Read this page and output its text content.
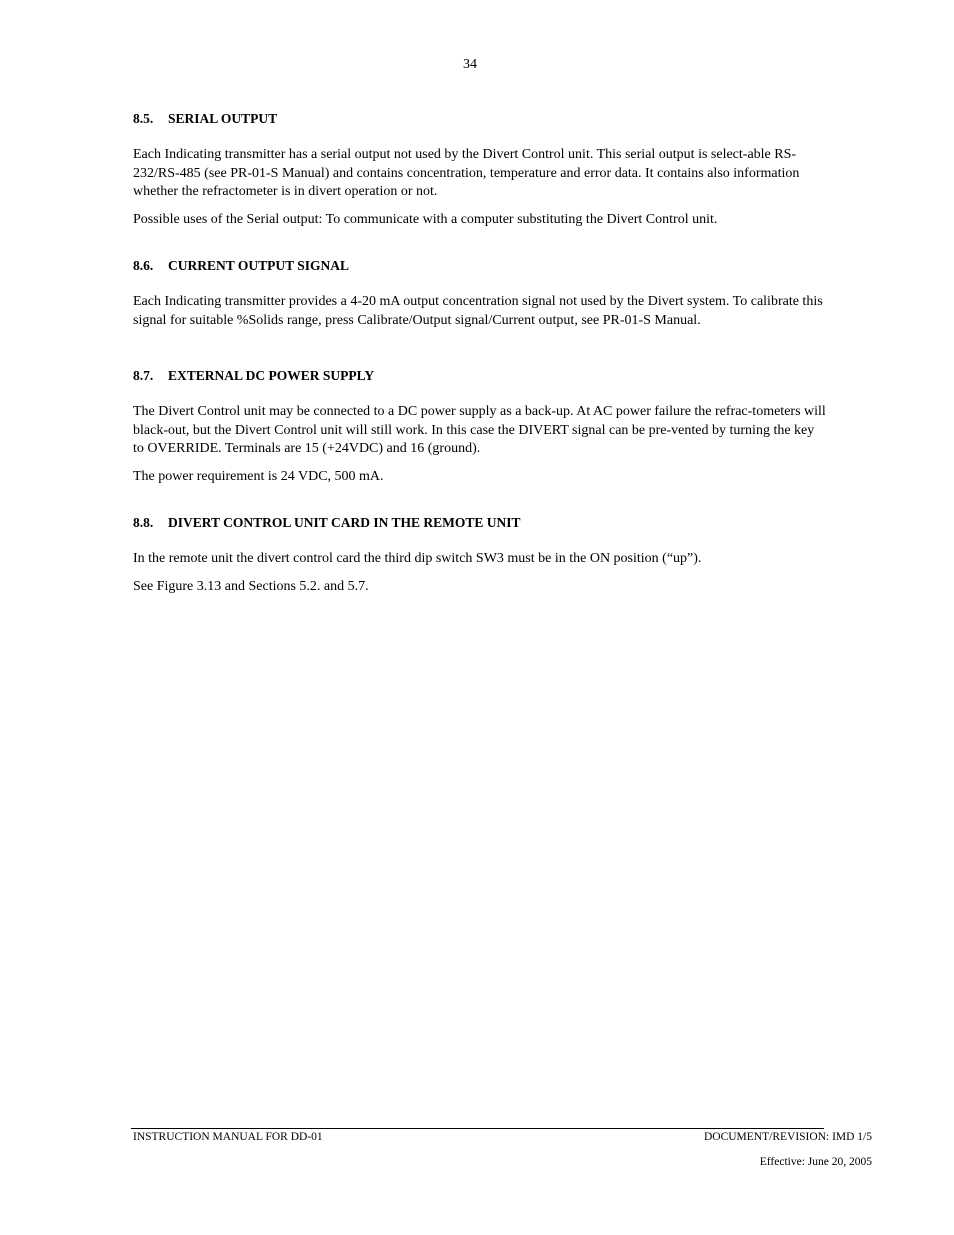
34
8.5. SERIAL OUTPUT

Each Indicating transmitter has a serial output not used by the Divert Control unit. This serial output is select-able RS-232/RS-485 (see PR-01-S Manual) and contains concentration, temperature and error data. It contains also information whether the refractometer is in divert operation or not.

Possible uses of the Serial output: To communicate with a computer substituting the Divert Control unit.

8.6. CURRENT OUTPUT SIGNAL

Each Indicating transmitter provides a 4-20 mA output concentration signal not used by the Divert system. To calibrate this signal for suitable %Solids range, press Calibrate/Output signal/Current output, see PR-01-S Manual.

8.7. EXTERNAL DC POWER SUPPLY

The Divert Control unit may be connected to a DC power supply as a back-up. At AC power failure the refrac-tometers will black-out, but the Divert Control unit will still work. In this case the DIVERT signal can be pre-vented by turning the key to OVERRIDE. Terminals are 15 (+24VDC) and 16 (ground).

The power requirement is 24 VDC, 500 mA.

8.8. DIVERT CONTROL UNIT CARD IN THE REMOTE UNIT

In the remote unit the divert control card the third dip switch SW3 must be in the ON position (“up”).

See Figure 3.13 and Sections 5.2. and 5.7.

INSTRUCTION MANUAL FOR DD-01	DOCUMENT/REVISION: IMD 1/5
Effective: June 20, 2005
